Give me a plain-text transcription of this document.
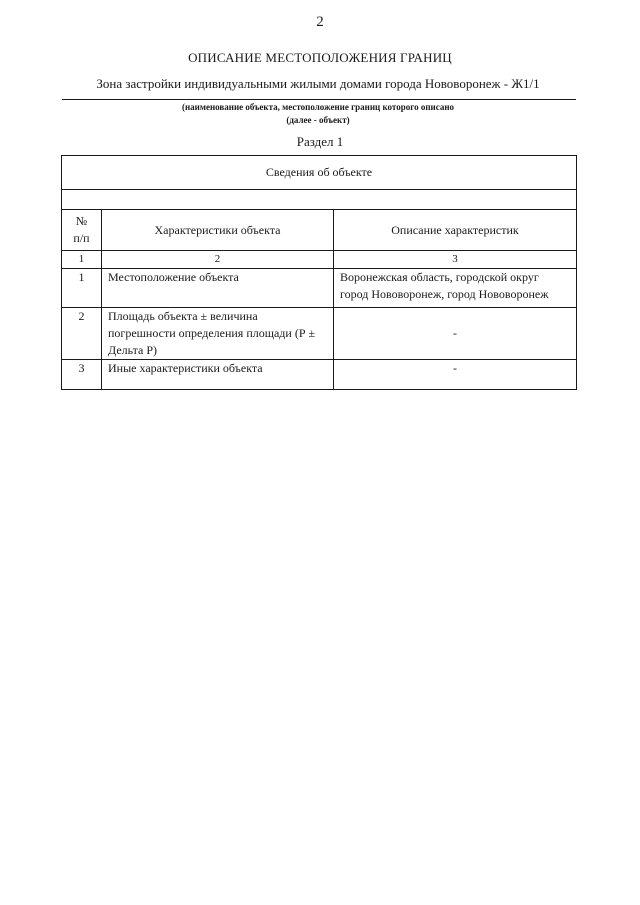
2
ОПИСАНИЕ МЕСТОПОЛОЖЕНИЯ ГРАНИЦ
Зона застройки индивидуальными жилыми домами города Нововоронеж - Ж1/1
(наименование объекта, местоположение границ которого описано
(далее - объект)
Раздел 1
Сведения об объекте		

№
п/п	Характеристики объекта	Описание характеристик
1	2	3
1	Местоположение объекта	Воронежская область, городской округ город Нововоронеж, город Нововоронеж
2	Площадь объекта ± величина погрешности определения площади (Р ± Дельта Р)	-
3	Иные характеристики объекта	-
